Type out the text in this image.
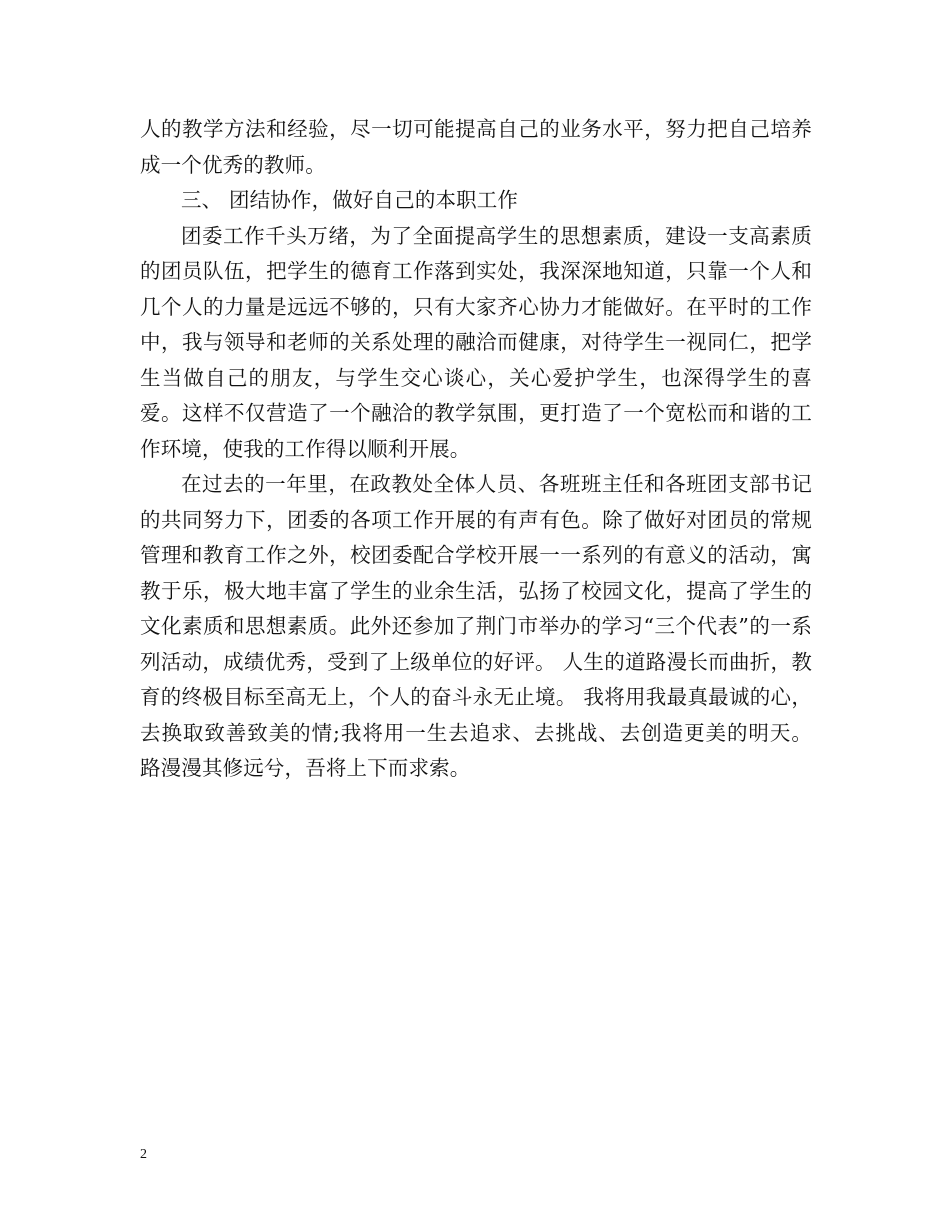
人的教学方法和经验，尽一切可能提高自己的业务水平，努力把自己培养成一个优秀的教师。

三、 团结协作，做好自己的本职工作

团委工作千头万绪，为了全面提高学生的思想素质，建设一支高素质的团员队伍，把学生的德育工作落到实处，我深深地知道，只靠一个人和几个人的力量是远远不够的，只有大家齐心协力才能做好。在平时的工作中，我与领导和老师的关系处理的融洽而健康，对待学生一视同仁，把学生当做自己的朋友，与学生交心谈心，关心爱护学生，也深得学生的喜爱。这样不仅营造了一个融洽的教学氛围，更打造了一个宽松而和谐的工作环境，使我的工作得以顺利开展。

在过去的一年里，在政教处全体人员、各班班主任和各班团支部书记的共同努力下，团委的各项工作开展的有声有色。除了做好对团员的常规管理和教育工作之外，校团委配合学校开展一一系列的有意义的活动，寓教于乐，极大地丰富了学生的业余生活，弘扬了校园文化，提高了学生的文化素质和思想素质。此外还参加了荆门市举办的学习“三个代表”的一系列活动，成绩优秀，受到了上级单位的好评。 人生的道路漫长而曲折，教育的终极目标至高无上，个人的奋斗永无止境。 我将用我最真最诚的心，去换取致善致美的情;我将用一生去追求、去挑战、去创造更美的明天。 路漫漫其修远兮，吾将上下而求索。

2
